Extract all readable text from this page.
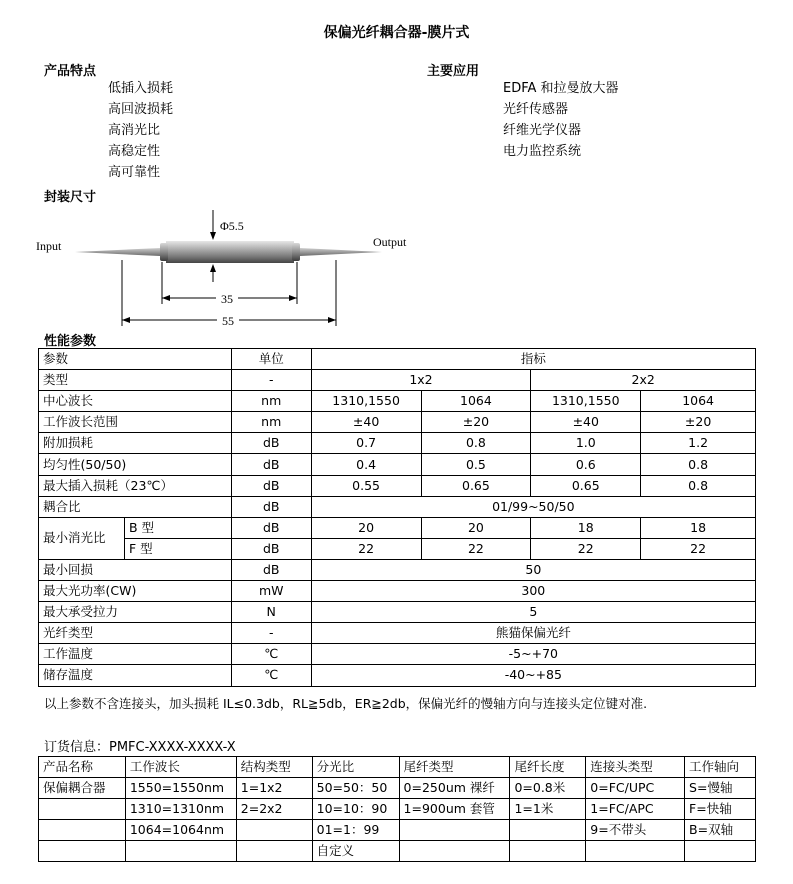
保偏光纤耦合器-膜片式
产品特点
低插入损耗
高回波损耗
高消光比
高稳定性
高可靠性
主要应用
EDFA 和拉曼放大器
光纤传感器
纤维光学仪器
电力监控系统
封装尺寸
Φ5.5
Input	Output
35
55
性能参数
参数		单位	指标			
类型		-	1x2		2x2	
中心波长		nm	1310,1550	1064	1310,1550	1064
工作波长范围		nm	±40	±20	±40	±20
附加损耗		dB	0.7	0.8	1.0	1.2
均匀性(50/50)		dB	0.4	0.5	0.6	0.8
最大插入损耗（23℃）		dB	0.55	0.65	0.65	0.8
耦合比		dB	01/99~50/50			
最小消光比	B 型	dB	20	20	18	18
	F 型	dB	22	22	22	22
最小回损		dB	50			
最大光功率(CW)		mW	300			
最大承受拉力		N	5			
光纤类型		-	熊猫保偏光纤			
工作温度		℃	-5~+70			
储存温度		℃	-40~+85			
以上参数不含连接头，加头损耗 IL≤0.3db，RL≧5db，ER≧2db，保偏光纤的慢轴方向与连接头定位键对准.
订货信息：PMFC-XXXX-XXXX-X
产品名称	工作波长	结构类型	分光比	尾纤类型	尾纤长度	连接头类型	工作轴向
保偏耦合器	1550=1550nm	1=1x2	50=50：50	0=250um 裸纤	0=0.8米	0=FC/UPC	S=慢轴
	1310=1310nm	2=2x2	10=10：90	1=900um 套管	1=1米	1=FC/APC	F=快轴
	1064=1064nm		01=1：99			9=不带头	B=双轴
			自定义				
